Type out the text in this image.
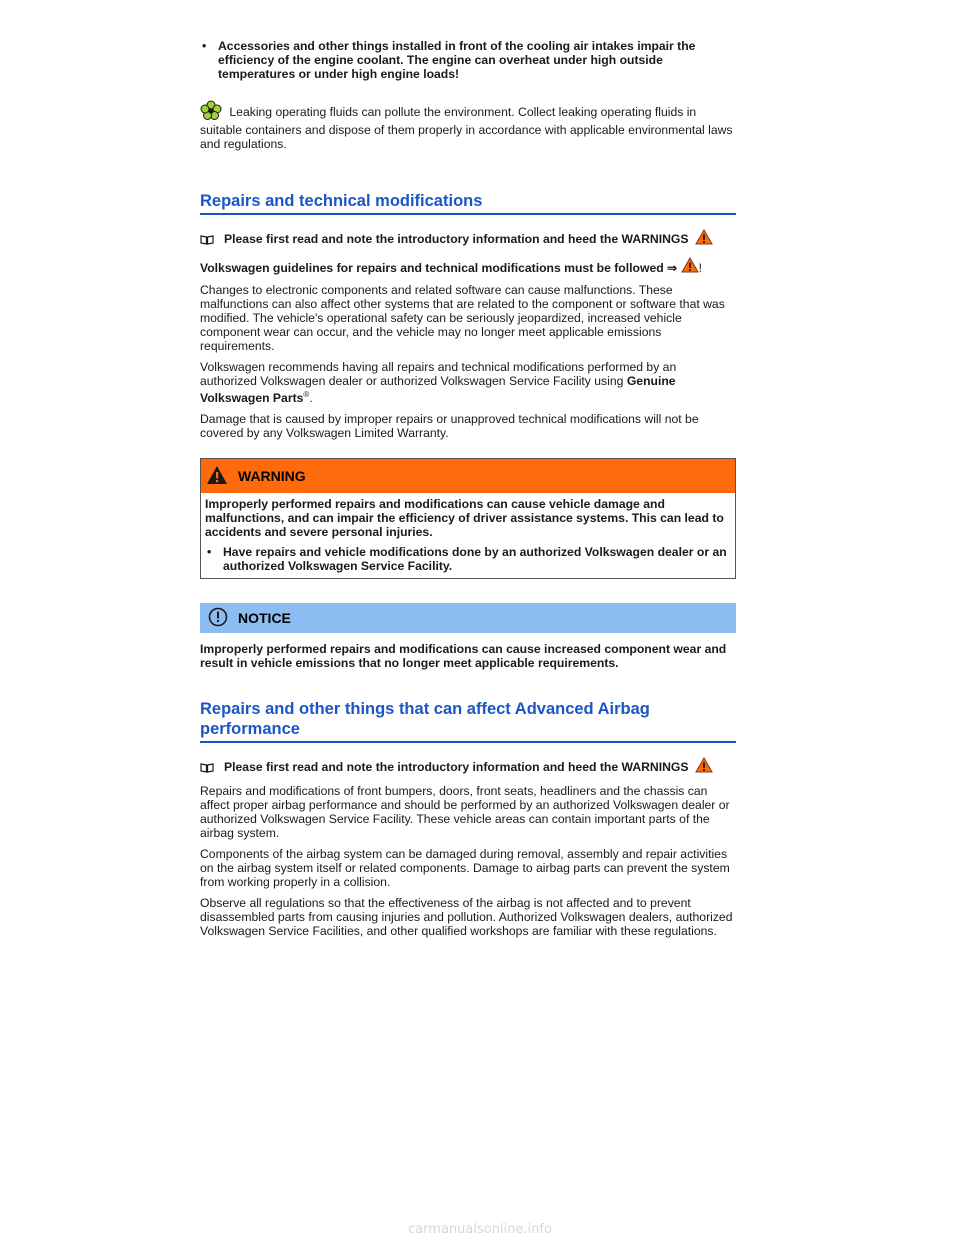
• Accessories and other things installed in front of the cooling air intakes impair the efficiency of the engine coolant. The engine can overheat under high outside temperatures or under high engine loads!

Leaking operating fluids can pollute the environment. Collect leaking operating fluids in suitable containers and dispose of them properly in accordance with applicable environmental laws and regulations.

Repairs and technical modifications

Please first read and note the introductory information and heed the WARNINGS

Volkswagen guidelines for repairs and technical modifications must be followed ⇒ !

Changes to electronic components and related software can cause malfunctions. These malfunctions can also affect other systems that are related to the component or software that was modified. The vehicle's operational safety can be seriously jeopardized, increased vehicle component wear can occur, and the vehicle may no longer meet applicable emissions requirements.

Volkswagen recommends having all repairs and technical modifications performed by an authorized Volkswagen dealer or authorized Volkswagen Service Facility using Genuine Volkswagen Parts®.

Damage that is caused by improper repairs or unapproved technical modifications will not be covered by any Volkswagen Limited Warranty.

WARNING

Improperly performed repairs and modifications can cause vehicle damage and malfunctions, and can impair the efficiency of driver assistance systems. This can lead to accidents and severe personal injuries.

• Have repairs and vehicle modifications done by an authorized Volkswagen dealer or an authorized Volkswagen Service Facility.

NOTICE

Improperly performed repairs and modifications can cause increased component wear and result in vehicle emissions that no longer meet applicable requirements.

Repairs and other things that can affect Advanced Airbag performance

Please first read and note the introductory information and heed the WARNINGS

Repairs and modifications of front bumpers, doors, front seats, headliners and the chassis can affect proper airbag performance and should be performed by an authorized Volkswagen dealer or authorized Volkswagen Service Facility. These vehicle areas can contain important parts of the airbag system.

Components of the airbag system can be damaged during removal, assembly and repair activities on the airbag system itself or related components. Damage to airbag parts can prevent the system from working properly in a collision.

Observe all regulations so that the effectiveness of the airbag is not affected and to prevent disassembled parts from causing injuries and pollution. Authorized Volkswagen dealers, authorized Volkswagen Service Facilities, and other qualified workshops are familiar with these regulations.

carmanualsonline.info
